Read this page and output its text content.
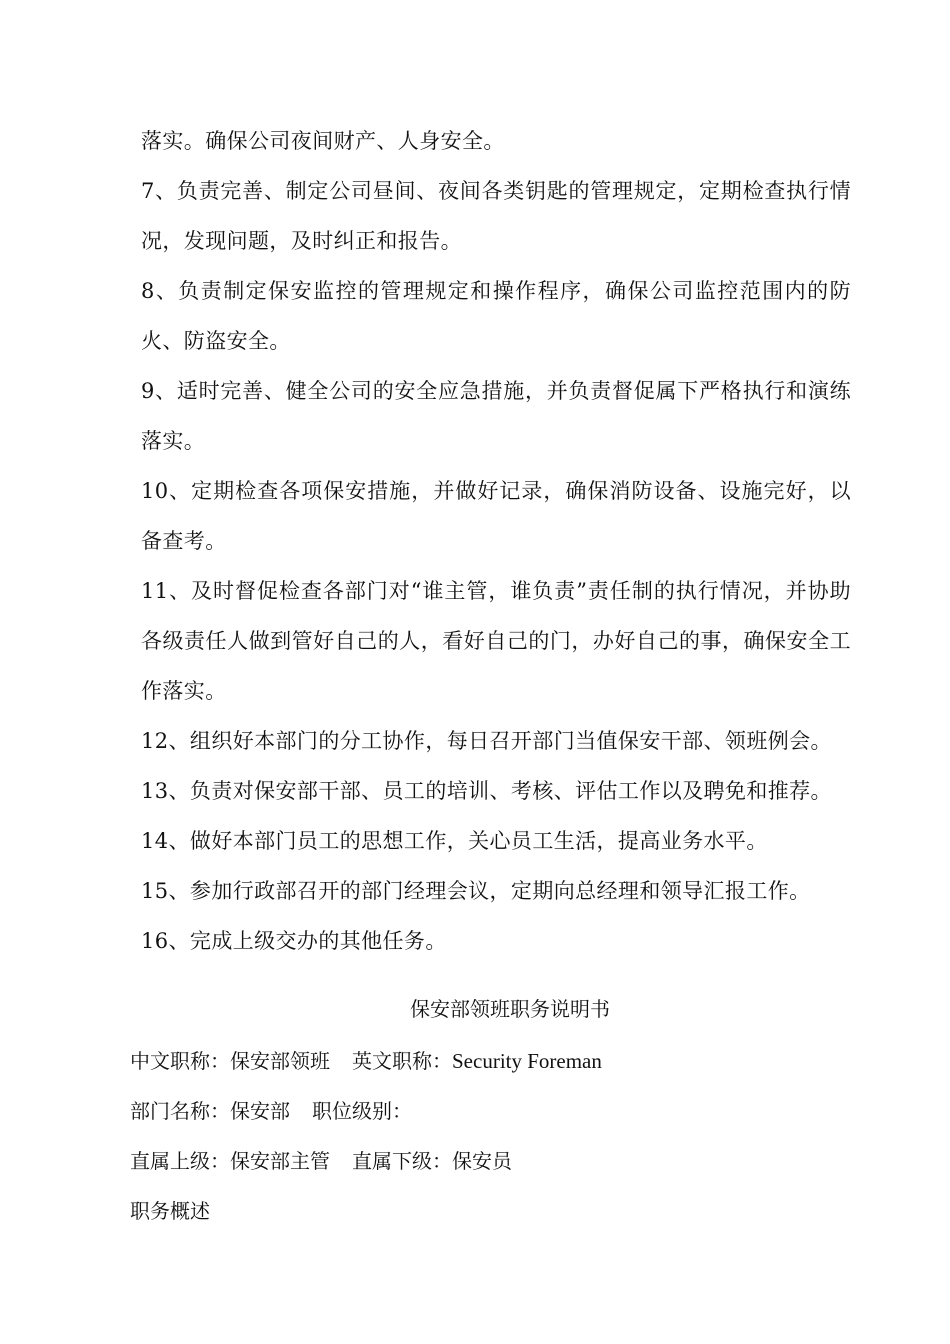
落实。确保公司夜间财产、人身安全。

7、负责完善、制定公司昼间、夜间各类钥匙的管理规定，定期检查执行情况，发现问题，及时纠正和报告。

8、负责制定保安监控的管理规定和操作程序，确保公司监控范围内的防火、防盗安全。

9、适时完善、健全公司的安全应急措施，并负责督促属下严格执行和演练落实。

10、定期检查各项保安措施，并做好记录，确保消防设备、设施完好，以备查考。

11、及时督促检查各部门对“谁主管，谁负责”责任制的执行情况，并协助各级责任人做到管好自己的人，看好自己的门，办好自己的事，确保安全工作落实。

12、组织好本部门的分工协作，每日召开部门当值保安干部、领班例会。

13、负责对保安部干部、员工的培训、考核、评估工作以及聘免和推荐。

14、做好本部门员工的思想工作，关心员工生活，提高业务水平。

15、参加行政部召开的部门经理会议，定期向总经理和领导汇报工作。

16、完成上级交办的其他任务。

保安部领班职务说明书
中文职称：保安部领班 英文职称：Security Foreman
部门名称：保安部 职位级别：
直属上级：保安部主管 直属下级：保安员
职务概述
